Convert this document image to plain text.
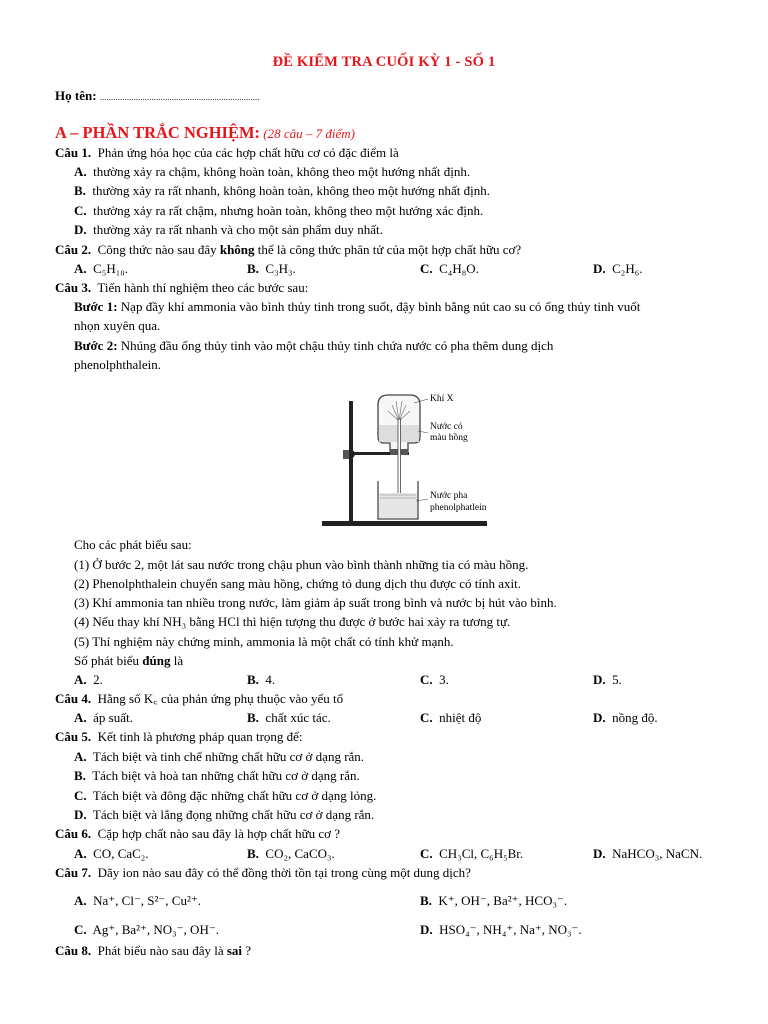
ĐỀ KIỂM TRA CUỐI KỲ 1 - SỐ 1
Họ tên: .......................................................................
A – PHẦN TRẮC NGHIỆM: (28 câu – 7 điểm)
Câu 1. Phản ứng hóa học của các hợp chất hữu cơ có đặc điểm là
A. thường xảy ra chậm, không hoàn toàn, không theo một hướng nhất định.
B. thường xảy ra rất nhanh, không hoàn toàn, không theo một hướng nhất định.
C. thường xảy ra rất chậm, nhưng hoàn toàn, không theo một hướng xác định.
D. thường xảy ra rất nhanh và cho một sản phẩm duy nhất.
Câu 2. Công thức nào sau đây không thể là công thức phân tử của một hợp chất hữu cơ?
A. C₅H₁₀.	B. C₃H₃.	C. C₄H₈O.	D. C₂H₆.
Câu 3. Tiến hành thí nghiệm theo các bước sau:
Bước 1: Nạp đầy khí ammonia vào bình thủy tinh trong suốt, đậy bình bằng nút cao su có ống thủy tinh vuốt
nhọn xuyên qua.
Bước 2: Nhúng đầu ống thủy tinh vào một chậu thủy tinh chứa nước có pha thêm dung dịch
phenolphthalein.
Khí X
Nước có
màu hồng
Nước pha
phenolphatlein
Cho các phát biểu sau:
(1) Ở bước 2, một lát sau nước trong chậu phun vào bình thành những tia có màu hồng.
(2) Phenolphthalein chuyển sang màu hồng, chứng tỏ dung dịch thu được có tính axit.
(3) Khí ammonia tan nhiều trong nước, làm giảm áp suất trong bình và nước bị hút vào bình.
(4) Nếu thay khí NH₃ bằng HCl thì hiện tượng thu được ở bước hai xảy ra tương tự.
(5) Thí nghiệm này chứng minh, ammonia là một chất có tính khử mạnh.
Số phát biểu đúng là
A. 2.	B. 4.	C. 3.	D. 5.
Câu 4. Hằng số K꜀ của phản ứng phụ thuộc vào yếu tố
A. áp suất.	B. chất xúc tác.	C. nhiệt độ	D. nồng độ.
Câu 5. Kết tinh là phương pháp quan trọng để:
A. Tách biệt và tinh chế những chất hữu cơ ở dạng rắn.
B. Tách biệt và hoà tan những chất hữu cơ ở dạng rắn.
C. Tách biệt và đông đặc những chất hữu cơ ở dạng lỏng.
D. Tách biệt và lắng đọng những chất hữu cơ ở dạng rắn.
Câu 6. Cặp hợp chất nào sau đây là hợp chất hữu cơ ?
A. CO, CaC₂.	B. CO₂, CaCO₃.	C. CH₃Cl, C₆H₅Br.	D. NaHCO₃, NaCN.
Câu 7. Dãy ion nào sau đây có thể đồng thời tồn tại trong cùng một dung dịch?
A. Na⁺, Cl⁻, S²⁻, Cu²⁺.	B. K⁺, OH⁻, Ba²⁺, HCO₃⁻.
C. Ag⁺, Ba²⁺, NO₃⁻, OH⁻.	D. HSO₄⁻, NH₄⁺, Na⁺, NO₃⁻.
Câu 8. Phát biểu nào sau đây là sai ?
